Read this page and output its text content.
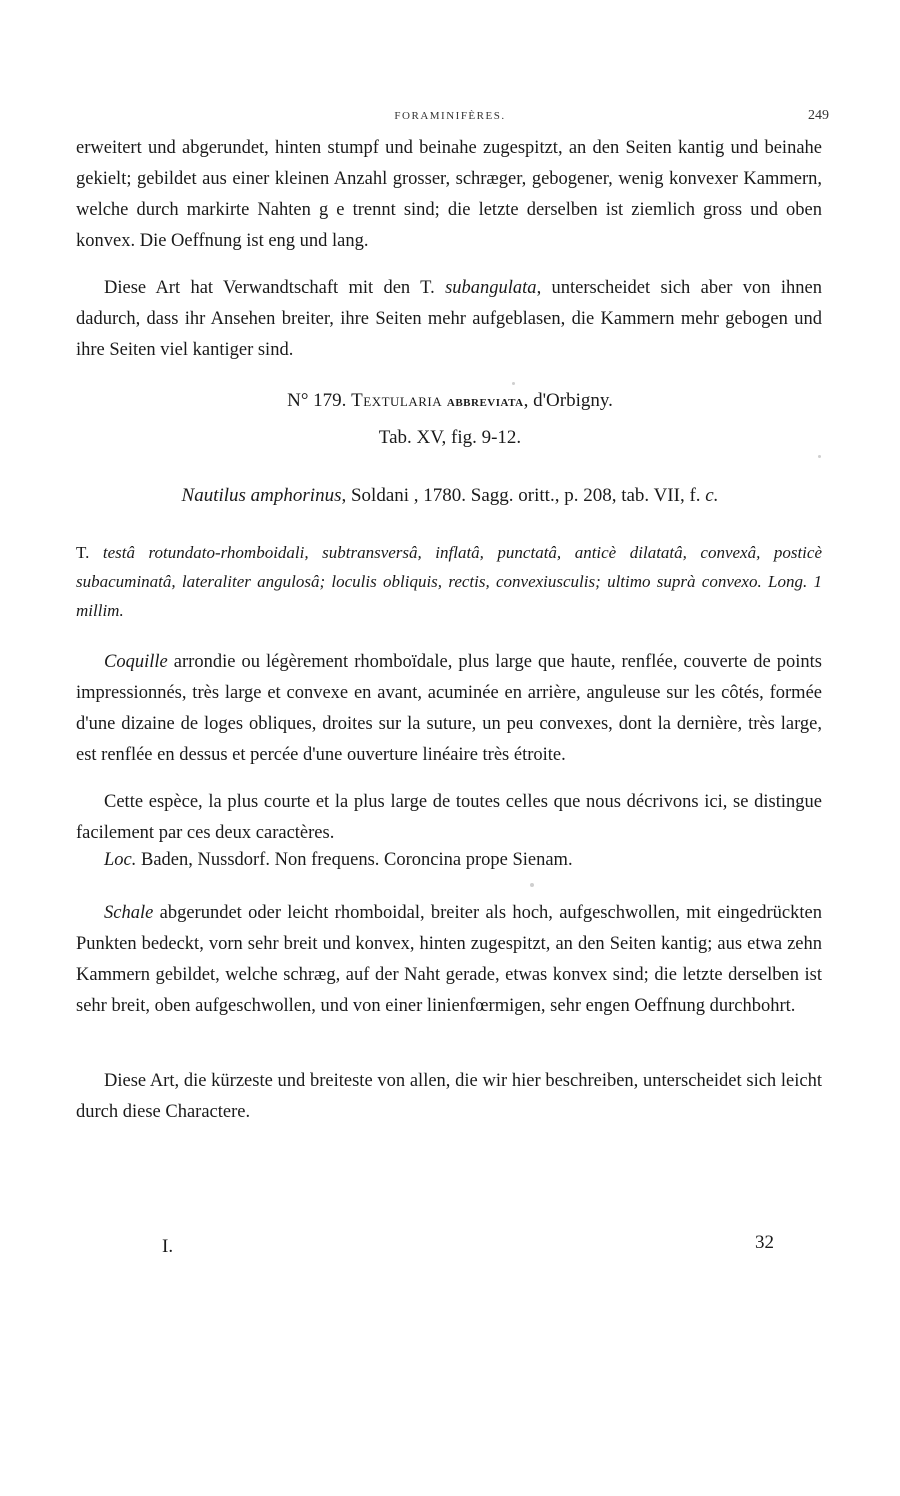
FORAMINIFÈRES.	249

erweitert und abgerundet, hinten stumpf und beinahe zugespitzt, an den Seiten kantig und beinahe gekielt; gebildet aus einer kleinen Anzahl grosser, schræger, gebogener, wenig konvexer Kammern, welche durch markirte Nahten g e trennt sind; die letzte derselben ist ziemlich gross und oben konvex. Die Oeffnung ist eng und lang.

Diese Art hat Verwandtschaft mit den T. subangulata, unterscheidet sich aber von ihnen dadurch, dass ihr Ansehen breiter, ihre Seiten mehr aufgeblasen, die Kammern mehr gebogen und ihre Seiten viel kantiger sind.

N° 179. Textularia abbreviata, d'Orbigny.

Tab. XV, fig. 9-12.

Nautilus amphorinus, Soldani , 1780. Sagg. oritt., p. 208, tab. VII, f. c.

T. testâ rotundato-rhomboidali, subtransversâ, inflatâ, punctatâ, anticè dilatatâ, convexâ, posticè subacuminatâ, lateraliter angulosâ; loculis obliquis, rectis, convexiusculis; ultimo suprà convexo. Long. 1 millim.

Coquille arrondie ou légèrement rhomboïdale, plus large que haute, renflée, couverte de points impressionnés, très large et convexe en avant, acuminée en arrière, anguleuse sur les côtés, formée d'une dizaine de loges obliques, droites sur la suture, un peu convexes, dont la dernière, très large, est renflée en dessus et percée d'une ouverture linéaire très étroite.

Cette espèce, la plus courte et la plus large de toutes celles que nous décrivons ici, se distingue facilement par ces deux caractères.

Loc. Baden, Nussdorf. Non frequens. Coroncina prope Sienam.

Schale abgerundet oder leicht rhomboidal, breiter als hoch, aufgeschwollen, mit eingedrückten Punkten bedeckt, vorn sehr breit und konvex, hinten zugespitzt, an den Seiten kantig; aus etwa zehn Kammern gebildet, welche schræg, auf der Naht gerade, etwas konvex sind; die letzte derselben ist sehr breit, oben aufgeschwollen, und von einer linienfœrmigen, sehr engen Oeffnung durchbohrt.

Diese Art, die kürzeste und breiteste von allen, die wir hier beschreiben, unterscheidet sich leicht durch diese Charactere.

I.	32
